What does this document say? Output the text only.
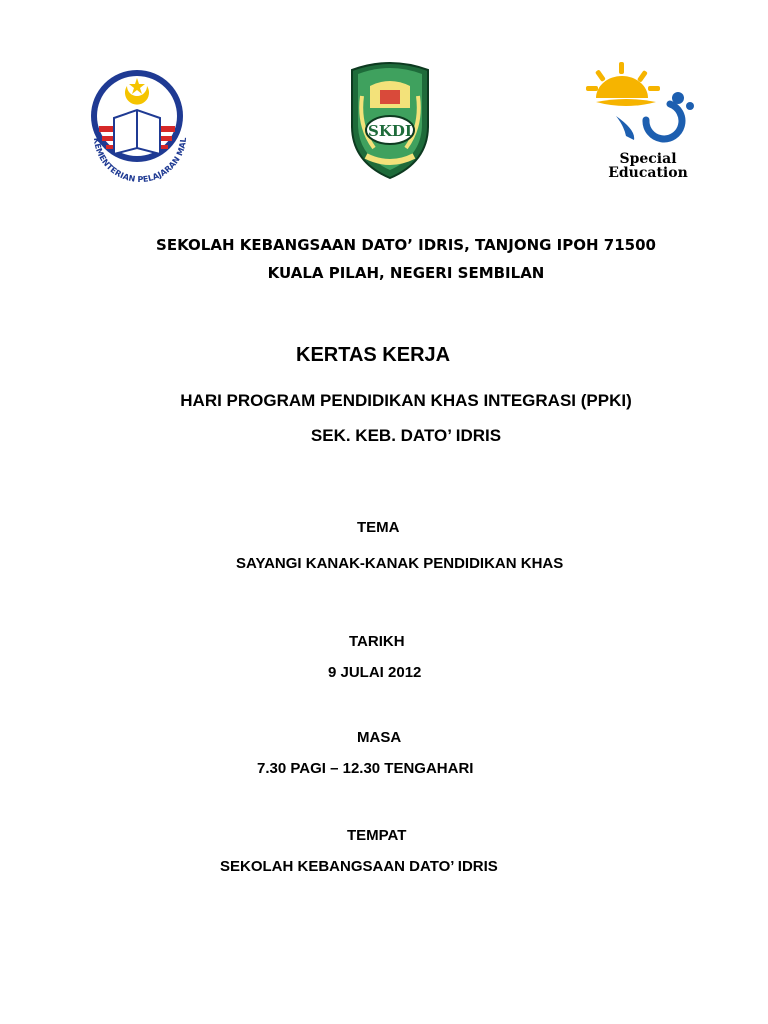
KEMENTERIAN PELAJARAN MAL	SKDI
Special
Education
SEKOLAH KEBANGSAAN DATO’ IDRIS, TANJONG IPOH 71500
KUALA PILAH, NEGERI SEMBILAN
KERTAS KERJA
HARI PROGRAM PENDIDIKAN KHAS INTEGRASI (PPKI)
SEK. KEB. DATO’ IDRIS
TEMA
SAYANGI KANAK-KANAK PENDIDIKAN KHAS
TARIKH
9 JULAI 2012
MASA
7.30 PAGI – 12.30 TENGAHARI
TEMPAT
SEKOLAH KEBANGSAAN DATO’ IDRIS
